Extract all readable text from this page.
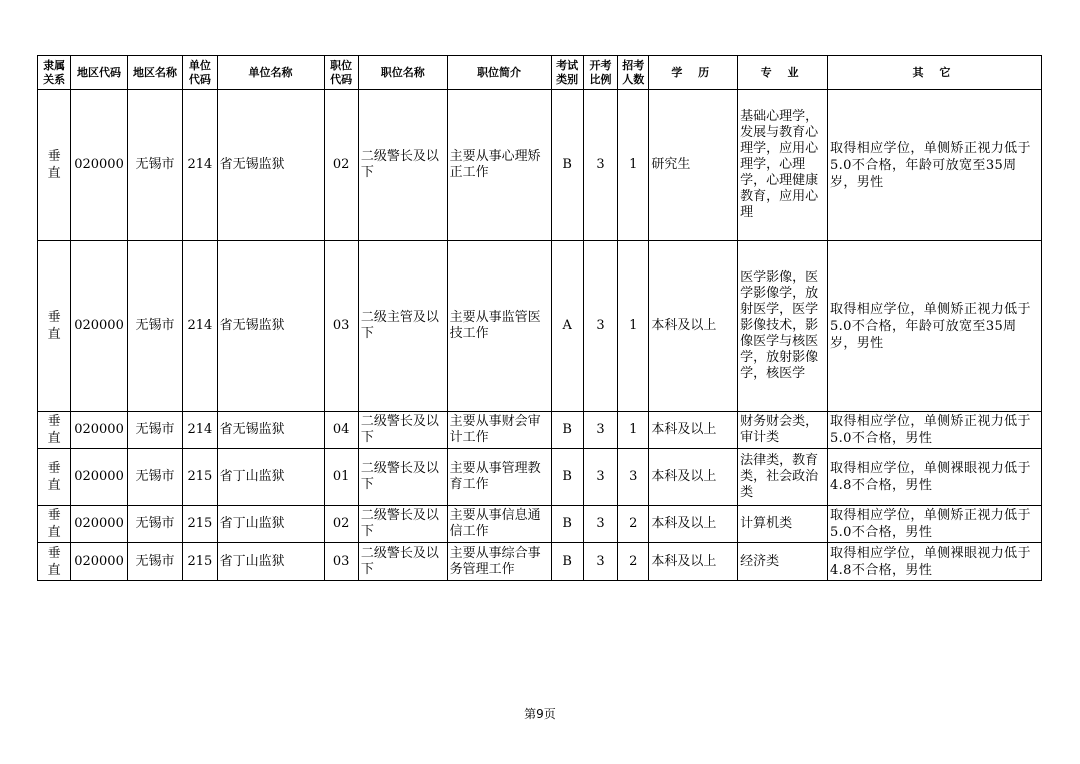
隶属关系	地区代码	地区名称	单位代码	单位名称	职位代码	职位名称	职位简介	考试类别	开考比例	招考人数	学 历	专 业	其 它
垂直	020000	无锡市	214	省无锡监狱	02	二级警长及以下	主要从事心理矫正工作	B	3	1	研究生	基础心理学，发展与教育心理学，应用心理学，心理学，心理健康教育，应用心理	取得相应学位，单侧矫正视力低于5.0不合格，年龄可放宽至35周岁，男性
垂直	020000	无锡市	214	省无锡监狱	03	二级主管及以下	主要从事监管医技工作	A	3	1	本科及以上	医学影像，医学影像学，放射医学，医学影像技术，影像医学与核医学，放射影像学，核医学	取得相应学位，单侧矫正视力低于5.0不合格，年龄可放宽至35周岁，男性
垂直	020000	无锡市	214	省无锡监狱	04	二级警长及以下	主要从事财会审计工作	B	3	1	本科及以上	财务财会类，审计类	取得相应学位，单侧矫正视力低于5.0不合格，男性
垂直	020000	无锡市	215	省丁山监狱	01	二级警长及以下	主要从事管理教育工作	B	3	3	本科及以上	法律类，教育类，社会政治类	取得相应学位，单侧裸眼视力低于4.8不合格，男性
垂直	020000	无锡市	215	省丁山监狱	02	二级警长及以下	主要从事信息通信工作	B	3	2	本科及以上	计算机类	取得相应学位，单侧矫正视力低于5.0不合格，男性
垂直	020000	无锡市	215	省丁山监狱	03	二级警长及以下	主要从事综合事务管理工作	B	3	2	本科及以上	经济类	取得相应学位，单侧裸眼视力低于4.8不合格，男性
第9页
